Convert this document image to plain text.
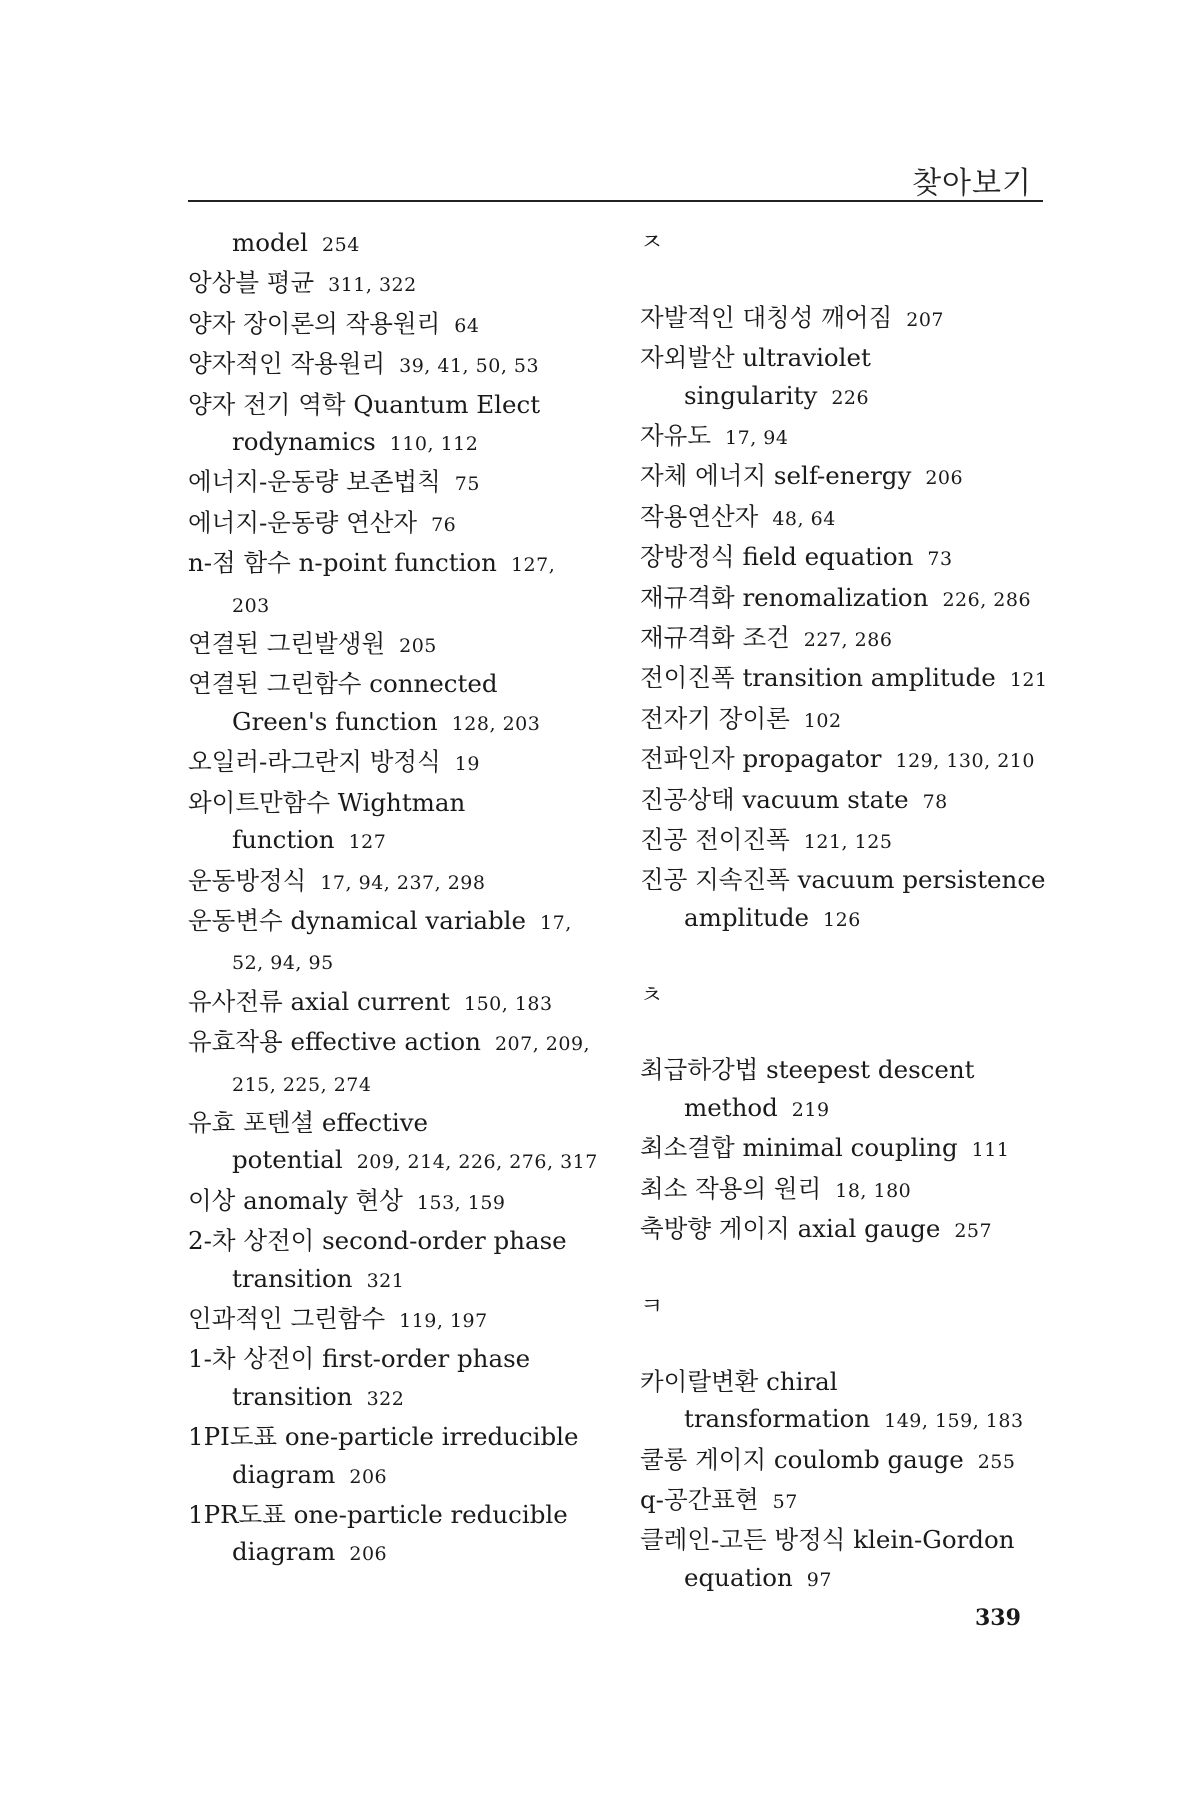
찾아보기
model 254
앙상블 평균 311, 322
양자 장이론의 작용원리 64
양자적인 작용원리 39, 41, 50, 53
양자 전기 역학 Quantum Elect rodynamics 110, 112
에너지-운동량 보존법칙 75
에너지-운동량 연산자 76
n-점 함수 n-point function 127, 203
연결된 그린발생원 205
연결된 그린함수 connected Green's function 128, 203
오일러-라그란지 방정식 19
와이트만함수 Wightman function 127
운동방정식 17, 94, 237, 298
운동변수 dynamical variable 17, 52, 94, 95
유사전류 axial current 150, 183
유효작용 effective action 207, 209, 215, 225, 274
유효 포텐셜 effective potential 209, 214, 226, 276, 317
이상 anomaly 현상 153, 159
2-차 상전이 second-order phase transition 321
인과적인 그린함수 119, 197
1-차 상전이 first-order phase transition 322
1PI도표 one-particle irreducible diagram 206
1PR도표 one-particle reducible diagram 206
ㅈ
자발적인 대칭성 깨어짐 207
자외발산 ultraviolet singularity 226
자유도 17, 94
자체 에너지 self-energy 206
작용연산자 48, 64
장방정식 field equation 73
재규격화 renomalization 226, 286
재규격화 조건 227, 286
전이진폭 transition amplitude 121
전자기 장이론 102
전파인자 propagator 129, 130, 210
진공상태 vacuum state 78
진공 전이진폭 121, 125
진공 지속진폭 vacuum persistence amplitude 126
ㅊ
최급하강법 steepest descent method 219
최소결합 minimal coupling 111
최소 작용의 원리 18, 180
축방향 게이지 axial gauge 257
ㅋ
카이랄변환 chiral transformation 149, 159, 183
쿨롱 게이지 coulomb gauge 255
q-공간표현 57
클레인-고든 방정식 klein-Gordon equation 97
339
